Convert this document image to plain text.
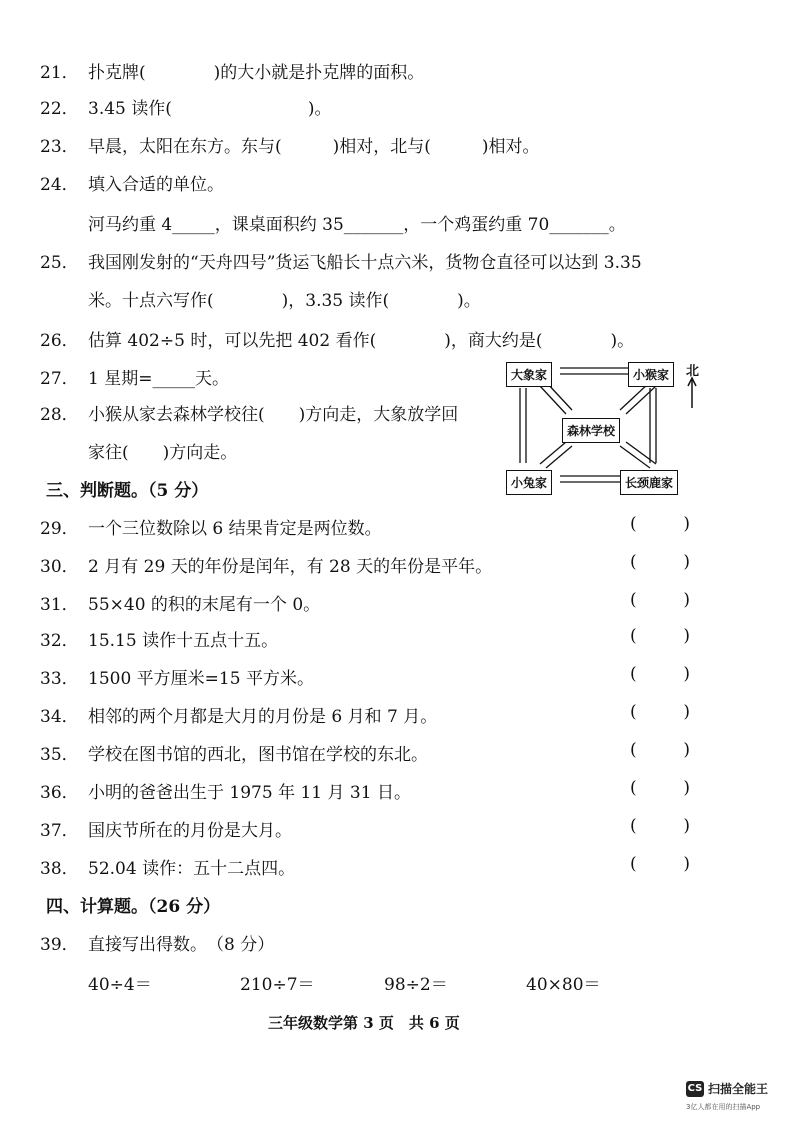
21． 扑克牌(　　　　)的大小就是扑克牌的面积。
22． 3.45 读作(　　　　　　　　)。
23． 早晨，太阳在东方。东与(　　　)相对，北与(　　　)相对。
24． 填入合适的单位。
河马约重 4_____，课桌面积约 35_______，一个鸡蛋约重 70_______。
25． 我国刚发射的“天舟四号”货运飞船长十点六米，货物仓直径可以达到 3.35
米。十点六写作(　　　　)，3.35 读作(　　　　)。
26． 估算 402÷5 时，可以先把 402 看作(　　　　)，商大约是(　　　　)。
27． 1 星期=_____天。
28． 小猴从家去森林学校往(　　)方向走，大象放学回
家往(　　)方向走。
大象家	小猴家
森林学校
小兔家	长颈鹿家
北
三、判断题。（5 分）
29． 一个三位数除以 6 结果肯定是两位数。	(	)
30． 2 月有 29 天的年份是闰年，有 28 天的年份是平年。	(	)
31． 55×40 的积的末尾有一个 0。	(	)
32． 15.15 读作十五点十五。	(	)
33． 1500 平方厘米=15 平方米。	(	)
34． 相邻的两个月都是大月的月份是 6 月和 7 月。	(	)
35． 学校在图书馆的西北，图书馆在学校的东北。	(	)
36． 小明的爸爸出生于 1975 年 11 月 31 日。	(	)
37． 国庆节所在的月份是大月。	(	)
38． 52.04 读作：五十二点四。	(	)
四、计算题。（26 分）
39． 直接写出得数。　（8 分）
40÷4＝	210÷7＝	98÷2＝	40×80＝
三年级数学第 3 页　共 6 页
CS 扫描全能王
3亿人都在用的扫描App
